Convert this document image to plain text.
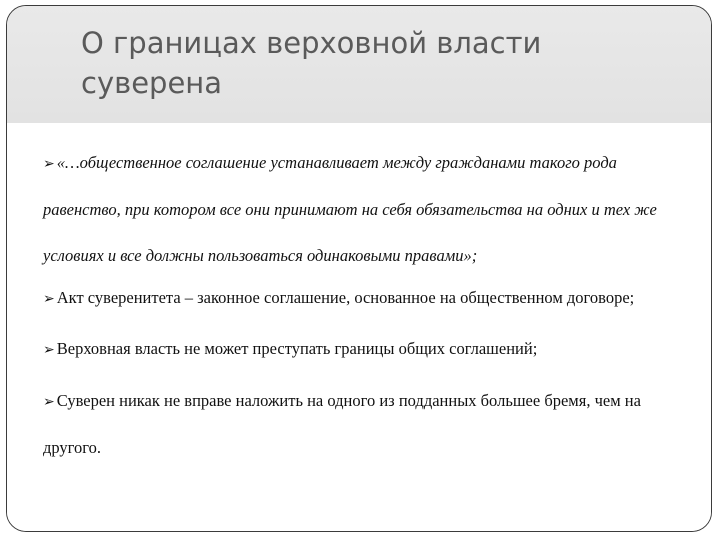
О границах верховной власти суверена
➢ «…общественное соглашение устанавливает между гражданами такого рода равенство, при котором все они принимают на себя обязательства на одних и тех же условиях и все должны пользоваться одинаковыми правами»;
➢ Акт суверенитета – законное соглашение, основанное на общественном договоре;
➢ Верховная власть не может преступать границы общих соглашений;
➢ Суверен никак не вправе наложить на одного из подданных большее бремя, чем на другого.
